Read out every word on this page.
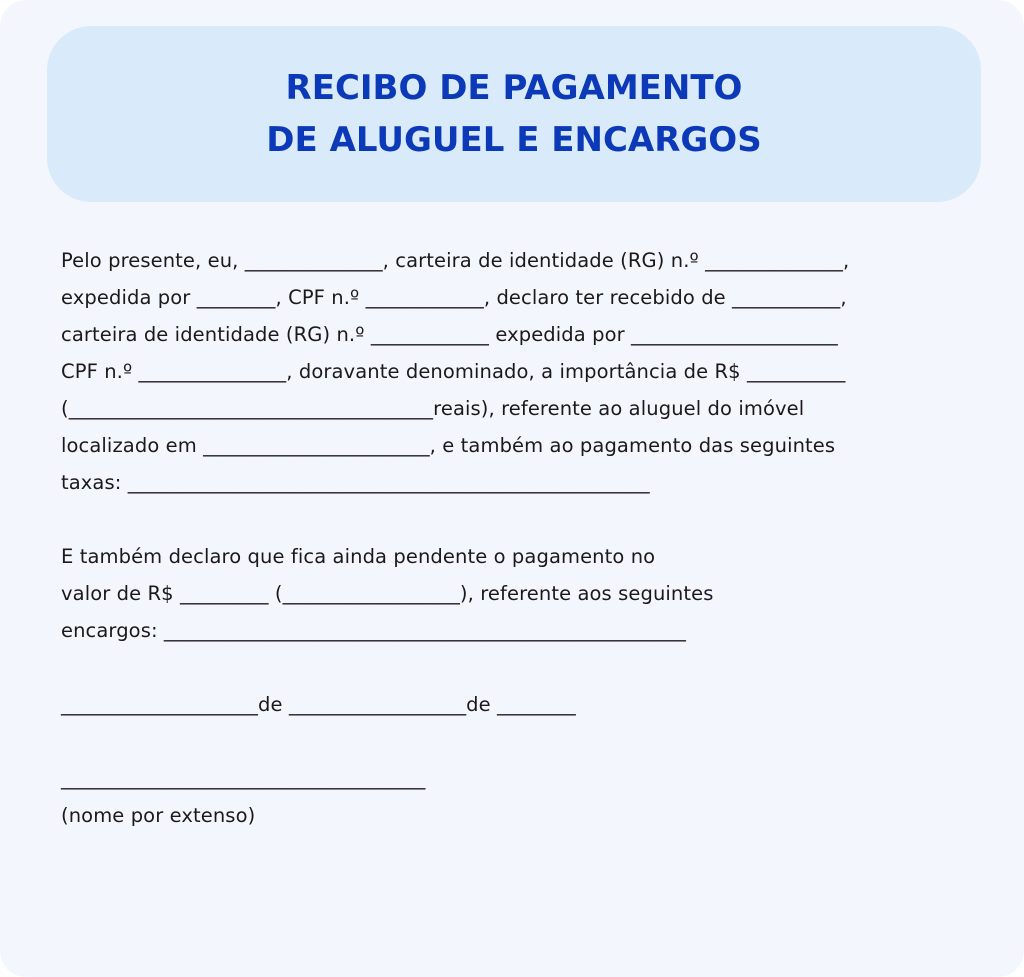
RECIBO DE PAGAMENTO
DE ALUGUEL E ENCARGOS
Pelo presente, eu, ______________, carteira de identidade (RG) n.º ______________,
expedida por ________, CPF n.º ____________, declaro ter recebido de ___________,
carteira de identidade (RG) n.º ____________ expedida por _____________________
CPF n.º _______________, doravante denominado, a importância de R$ __________
(_____________________________________reais), referente ao aluguel do imóvel
localizado em _______________________, e também ao pagamento das seguintes
taxas: _____________________________________________________
E também declaro que fica ainda pendente o pagamento no
valor de R$ _________ (__________________), referente aos seguintes
encargos: _____________________________________________________
____________________de __________________de ________
_____________________________________
(nome por extenso)
